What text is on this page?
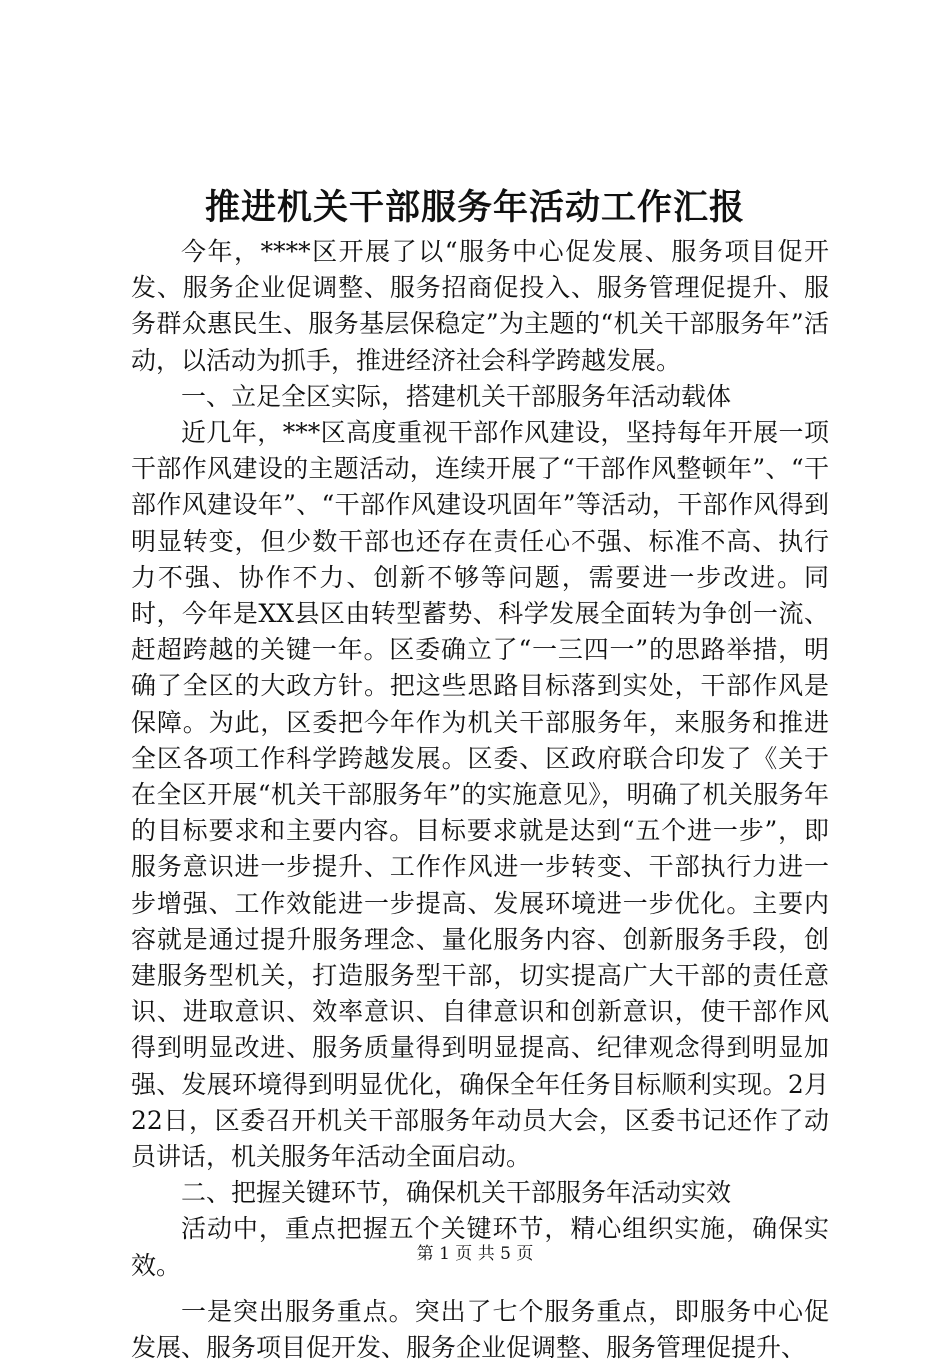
推进机关干部服务年活动工作汇报

今年，****区开展了以“服务中心促发展、服务项目促开发、服务企业促调整、服务招商促投入、服务管理促提升、服务群众惠民生、服务基层保稳定”为主题的“机关干部服务年”活动，以活动为抓手，推进经济社会科学跨越发展。

一、立足全区实际，搭建机关干部服务年活动载体

近几年，***区高度重视干部作风建设，坚持每年开展一项干部作风建设的主题活动，连续开展了“干部作风整顿年”、“干部作风建设年”、“干部作风建设巩固年”等活动，干部作风得到明显转变，但少数干部也还存在责任心不强、标准不高、执行力不强、协作不力、创新不够等问题，需要进一步改进。同时，今年是XX县区由转型蓄势、科学发展全面转为争创一流、赶超跨越的关键一年。区委确立了“一三四一”的思路举措，明确了全区的大政方针。把这些思路目标落到实处，干部作风是保障。为此，区委把今年作为机关干部服务年，来服务和推进全区各项工作科学跨越发展。区委、区政府联合印发了《关于在全区开展“机关干部服务年”的实施意见》，明确了机关服务年的目标要求和主要内容。目标要求就是达到“五个进一步”，即服务意识进一步提升、工作作风进一步转变、干部执行力进一步增强、工作效能进一步提高、发展环境进一步优化。主要内容就是通过提升服务理念、量化服务内容、创新服务手段，创建服务型机关，打造服务型干部，切实提高广大干部的责任意识、进取意识、效率意识、自律意识和创新意识，使干部作风得到明显改进、服务质量得到明显提高、纪律观念得到明显加强、发展环境得到明显优化，确保全年任务目标顺利实现。2月22日，区委召开机关干部服务年动员大会，区委书记还作了动员讲话，机关服务年活动全面启动。

二、把握关键环节，确保机关干部服务年活动实效

活动中，重点把握五个关键环节，精心组织实施，确保实效。

一是突出服务重点。突出了七个服务重点，即服务中心促发展、服务项目促开发、服务企业促调整、服务管理促提升、

第 1 页 共 5 页
